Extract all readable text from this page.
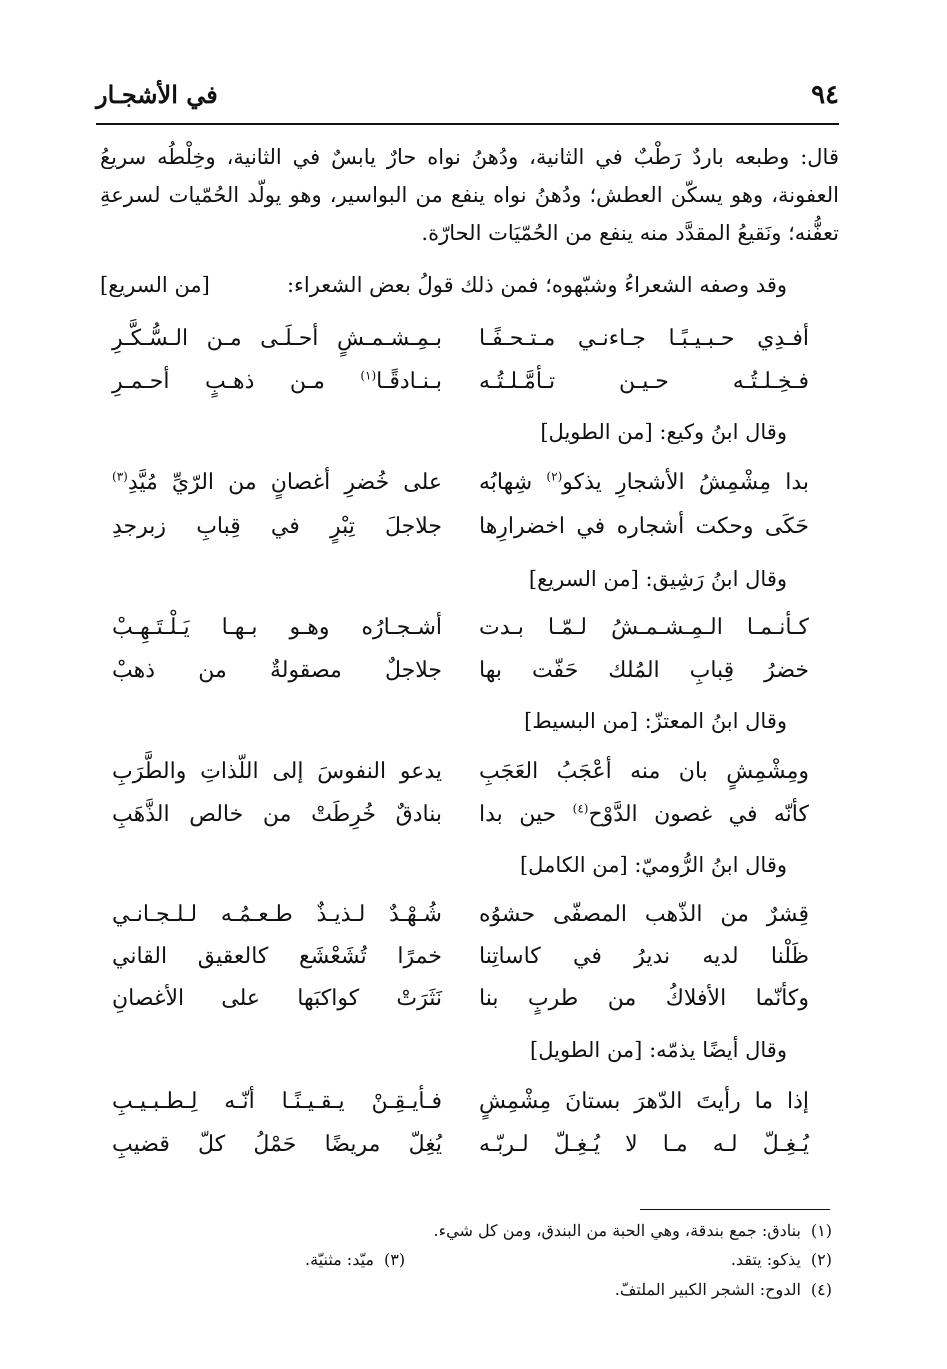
٩٤
في الأشجـار

قال: وطبعه باردٌ رَطْبٌ في الثانية، ودُهنُ نواه حارٌ يابسٌ في الثانية، وخِلْطُه سريعُ العفونة، وهو يسكّن العطش؛ ودُهنُ نواه ينفع من البواسير، وهو يولّد الحُمّيات لسرعةِ تعفُّنه؛ ونَقيعُ المقدَّد منه ينفع من الحُمّيَات الحارّة.

وقد وصفه الشعراءُ وشبّهوه؛ فمن ذلك قولُ بعض الشعراء:
[من السريع]
أفـدِي حـبـيـبًـا جـاءنـي مـتـحـفًـا
بـمِـشـمـشٍ أحـلَـى مـن الـسُّـكَّـرِ
فـخِـلـتُـه حـيـن تـأمَّـلـتُـه
بـنـادقًـا$^{(١)}$ مـن ذهـبٍ أحـمـرِ
وقال ابنُ وكيع: [من الطويل]
بدا مِشْمِشُ الأشجارِ يذكو$^{(٢)}$ شِهابُه
على خُضرِ أغصانٍ من الرّيِّ مُيَّدِ$^{(٣)}$
حَكَى وحكت أشجاره في اخضرارِها
جلاجلَ تِبْرٍ في قِبابِ زبرجدِ
وقال ابنُ رَشِيق: [من السريع]
كـأنـمـا الـمِـشـمـشُ لـمّـا بـدت
أشـجـارُه وهـو بـهـا يَـلْـتَـهِـبْ
خضرُ قِبابِ المُلك حَفّت بها
جلاجلٌ مصقولةٌ من ذهبْ
وقال ابنُ المعتزّ: [من البسيط]
ومِشْمِشٍ بان منه أعْجَبُ العَجَبِ
يدعو النفوسَ إلى اللّذاتِ والطَّرَبِ
كأنّه في غصون الدَّوْح$^{(٤)}$ حين بدا
بنادقٌ خُرِطَتْ من خالص الذَّهَبِ
وقال ابنُ الرُّوميّ: [من الكامل]
قِشرٌ من الذّهب المصفّى حشوُه
شُـهْـدٌ لـذيـذٌ طـعـمُـه لـلـجـانـي
ظَلْنا لديه نديرُ في كاساتِنا
خمرًا تُشَعْشَع كالعقيق القاني
وكأنّما الأفلاكُ من طربٍ بنا
نَثَرَتْ كواكبَها على الأغصانِ
وقال أيضًا يذمّه: [من الطويل]
إذا ما رأيتَ الدّهرَ بستانَ مِشْمِشٍ
فـأيـقِـنْ يـقـيـنًـا أنّـه لِـطـبـيـبِ
يُـغِـلّ لـه مـا لا يُـغِـلّ لـربّـه
يُغِلّ مريضًا حَمْلُ كلّ قضيبِ
(١)بنادق: جمع بندقة، وهي الحبة من البندق، ومن كل شيء.
(٢)يذكو: يتقد.
(٣)ميّد: مثنيّة.
(٤)الدوح: الشجر الكبير الملتفّ.
